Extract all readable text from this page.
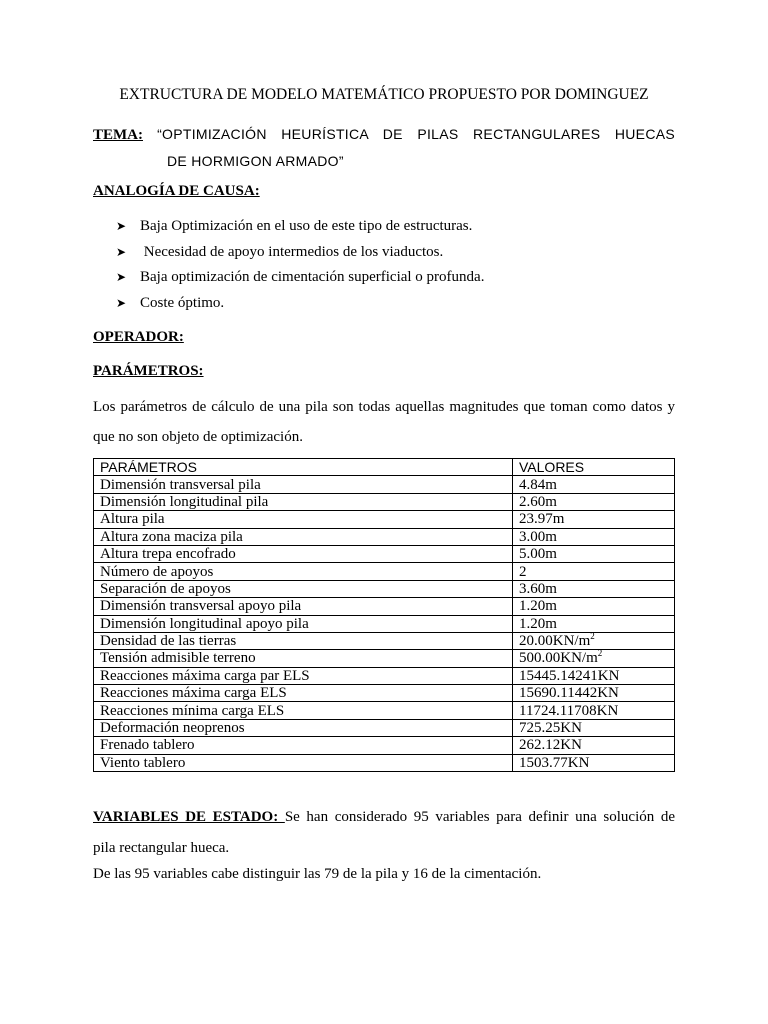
EXTRUCTURA DE MODELO MATEMÁTICO PROPUESTO POR DOMINGUEZ
TEMA: “OPTIMIZACIÓN HEURÍSTICA DE PILAS RECTANGULARES HUECAS
DE HORMIGON ARMADO”
ANALOGÍA DE CAUSA:
➤ Baja Optimización en el uso de este tipo de estructuras.
➤ Necesidad de apoyo intermedios de los viaductos.
➤ Baja optimización de cimentación superficial o profunda.
➤ Coste óptimo.
OPERADOR:
PARÁMETROS:
Los parámetros de cálculo de una pila son todas aquellas magnitudes que toman como datos y
que no son objeto de optimización.
PARÁMETROS	VALORES
Dimensión transversal pila	4.84m
Dimensión longitudinal pila	2.60m
Altura pila	23.97m
Altura zona maciza pila	3.00m
Altura trepa encofrado	5.00m
Número de apoyos	2
Separación de apoyos	3.60m
Dimensión transversal apoyo pila	1.20m
Dimensión longitudinal apoyo pila	1.20m
Densidad de las tierras	$20.00KN/m^2$
Tensión admisible terreno	$500.00KN/m^2$
Reacciones máxima carga par ELS	15445.14241KN
Reacciones máxima carga ELS	15690.11442KN
Reacciones mínima carga ELS	11724.11708KN
Deformación neoprenos	725.25KN
Frenado tablero	262.12KN
Viento tablero	1503.77KN
VARIABLES DE ESTADO: Se han considerado 95 variables para definir una solución de
pila rectangular hueca.
De las 95 variables cabe distinguir las 79 de la pila y 16 de la cimentación.
